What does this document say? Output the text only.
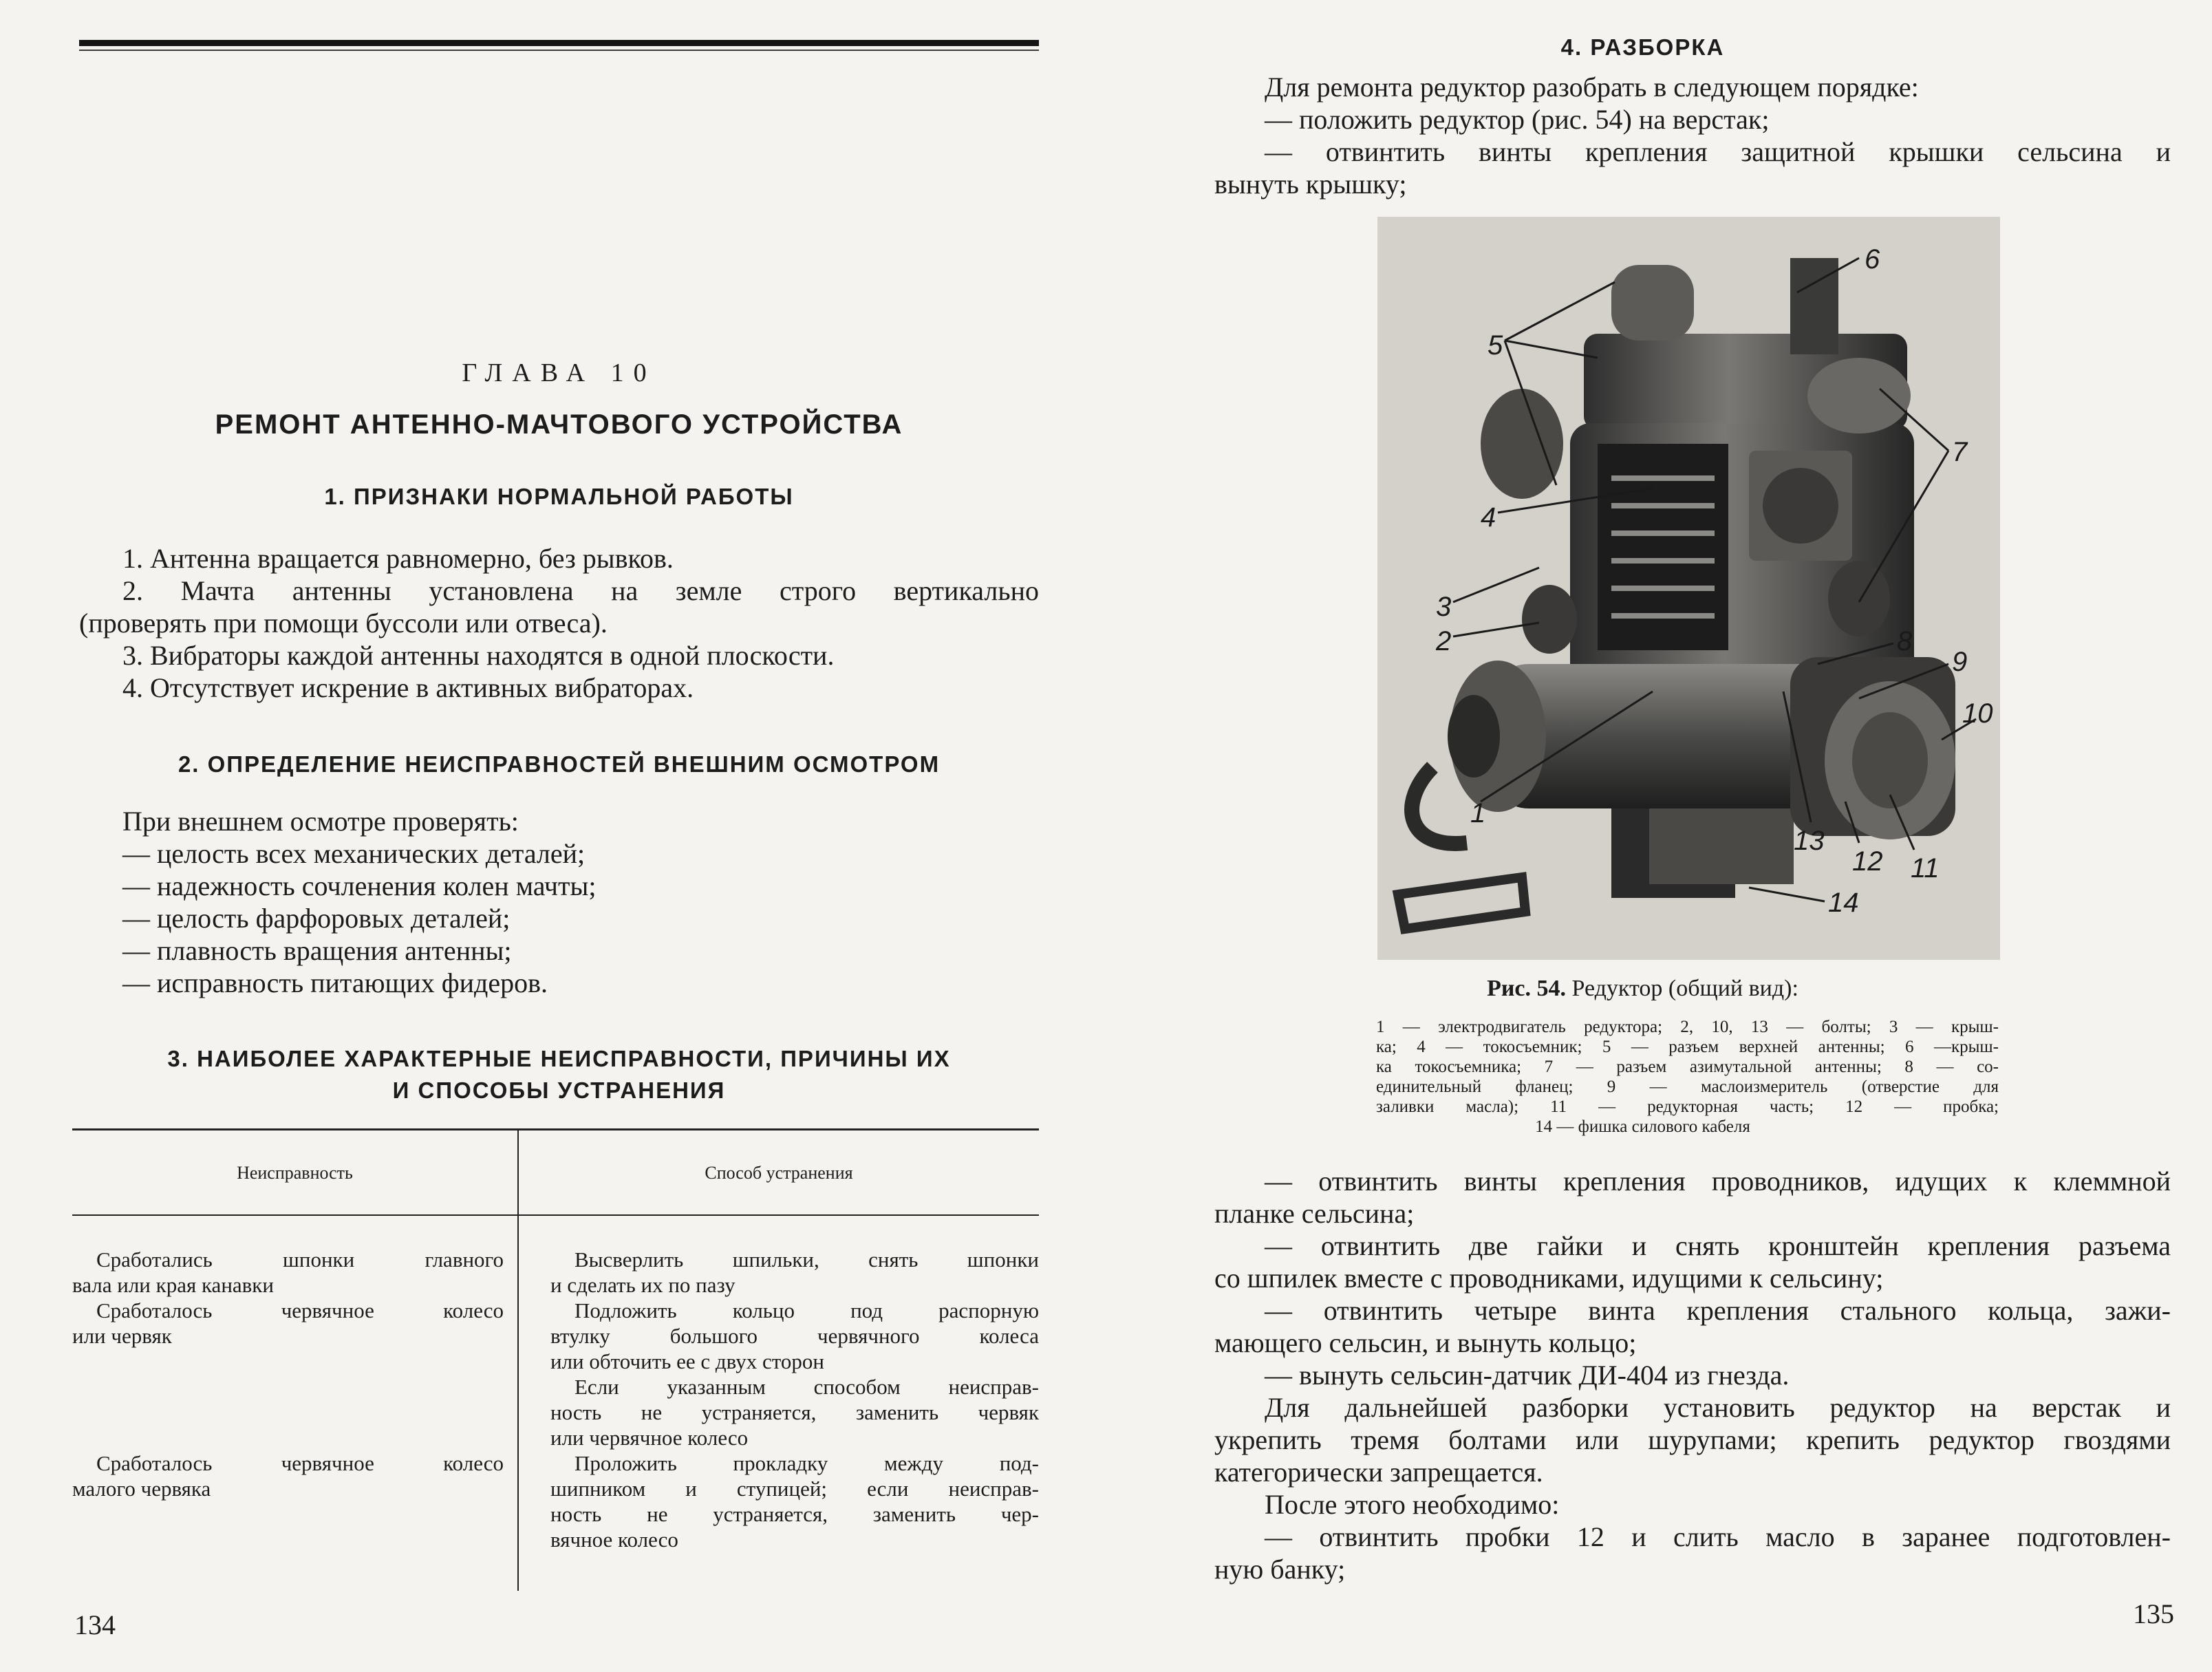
ГЛАВА 10
РЕМОНТ АНТЕННО-МАЧТОВОГО УСТРОЙСТВА
1. ПРИЗНАКИ НОРМАЛЬНОЙ РАБОТЫ
1. Антенна вращается равномерно, без рывков.
2. Мачта антенны установлена на земле строго вертикально
(проверять при помощи буссоли или отвеса).
3. Вибраторы каждой антенны находятся в одной плоскости.
4. Отсутствует искрение в активных вибраторах.
2. ОПРЕДЕЛЕНИЕ НЕИСПРАВНОСТЕЙ ВНЕШНИМ ОСМОТРОМ
При внешнем осмотре проверять:
— целость всех механических деталей;
— надежность сочленения колен мачты;
— целость фарфоровых деталей;
— плавность вращения антенны;
— исправность питающих фидеров.
3. НАИБОЛЕЕ ХАРАКТЕРНЫЕ НЕИСПРАВНОСТИ, ПРИЧИНЫ ИХ
И СПОСОБЫ УСТРАНЕНИЯ
Неисправность	Способ устранения
Сработались шпонки главного
вала или края канавки
Сработалось червячное колесо
или червяк
Сработалось червячное колесо
малого червяка
Высверлить шпильки, снять шпонки
и сделать их по пазу
Подложить кольцо под распорную
втулку большого червячного колеса
или обточить ее с двух сторон
Если указанным способом неисправ-
ность не устраняется, заменить червяк
или червячное колесо
Проложить прокладку между под-
шипником и ступицей; если неисправ-
ность не устраняется, заменить чер-
вячное колесо
134
4. РАЗБОРКА
Для ремонта редуктор разобрать в следующем порядке:
— положить редуктор (рис. 54) на верстак;
— отвинтить винты крепления защитной крышки сельсина и
вынуть крышку;
5
6
7
4
3
2	8
9
10
1
13
12 11
14
Рис. 54. Редуктор (общий вид):
1 — электродвигатель редуктора; 2, 10, 13 — болты; 3 — крыш-
ка; 4 — токосъемник; 5 — разъем верхней антенны; 6 —крыш-
ка токосъемника; 7 — разъем азимутальной антенны; 8 — со-
единительный фланец; 9 — маслоизмеритель (отверстие для
заливки масла); 11 — редукторная часть; 12 — пробка;
14 — фишка силового кабеля
— отвинтить винты крепления проводников, идущих к клеммной
планке сельсина;
— отвинтить две гайки и снять кронштейн крепления разъема
со шпилек вместе с проводниками, идущими к сельсину;
— отвинтить четыре винта крепления стального кольца, зажи-
мающего сельсин, и вынуть кольцо;
— вынуть сельсин-датчик ДИ-404 из гнезда.
Для дальнейшей разборки установить редуктор на верстак и
укрепить тремя болтами или шурупами; крепить редуктор гвоздями
категорически запрещается.
После этого необходимо:
— отвинтить пробки 12 и слить масло в заранее подготовлен-
ную банку;
135
